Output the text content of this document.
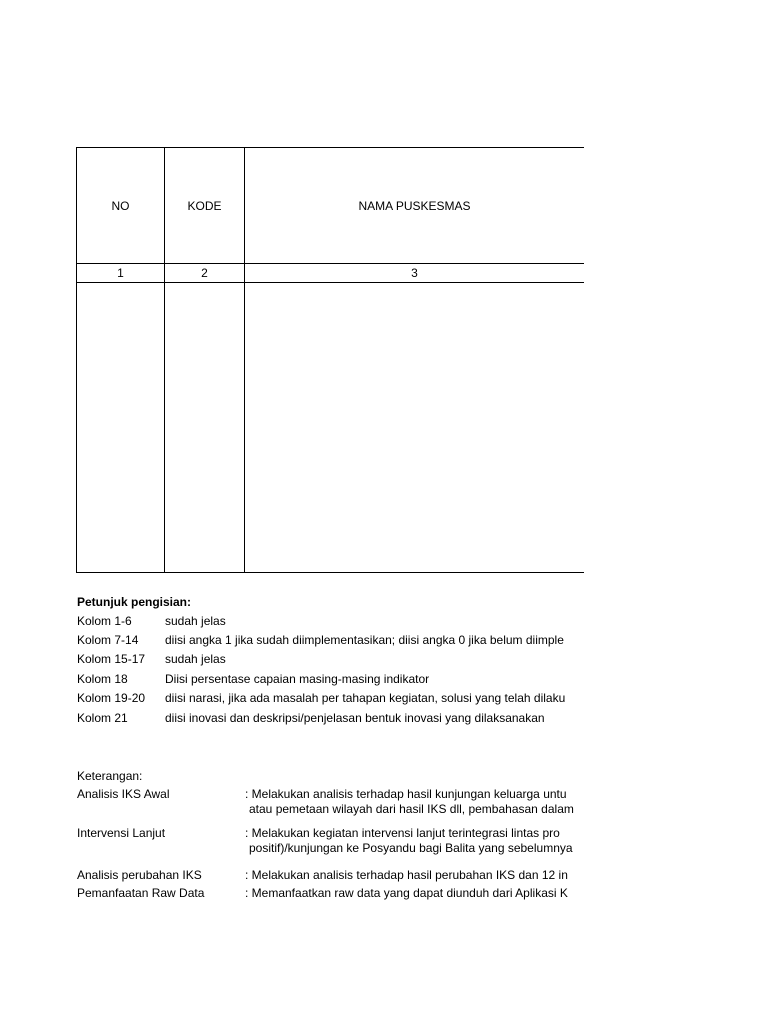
NO	KODE	NAMA PUSKESMAS
1	2	3

Petunjuk pengisian:
Kolom 1-6	sudah jelas
Kolom 7-14 diisi angka 1 jika sudah diimplementasikan; diisi angka 0 jika belum diimple
Kolom 15-17 sudah jelas
Kolom 18	Diisi persentase capaian masing-masing indikator
Kolom 19-20 diisi narasi, jika ada masalah per tahapan kegiatan, solusi yang telah dilaku
Kolom 21	diisi inovasi dan deskripsi/penjelasan bentuk inovasi yang dilaksanakan
Keterangan:
Analisis IKS Awal	: Melakukan analisis terhadap hasil kunjungan keluarga untu
atau pemetaan wilayah dari hasil IKS dll, pembahasan dalam
Intervensi Lanjut	: Melakukan kegiatan intervensi lanjut terintegrasi lintas pro
positif)/kunjungan ke Posyandu bagi Balita yang sebelumnya
Analisis perubahan IKS	: Melakukan analisis terhadap hasil perubahan IKS dan 12 in
Pemanfaatan Raw Data	: Memanfaatkan raw data yang dapat diunduh dari Aplikasi K
